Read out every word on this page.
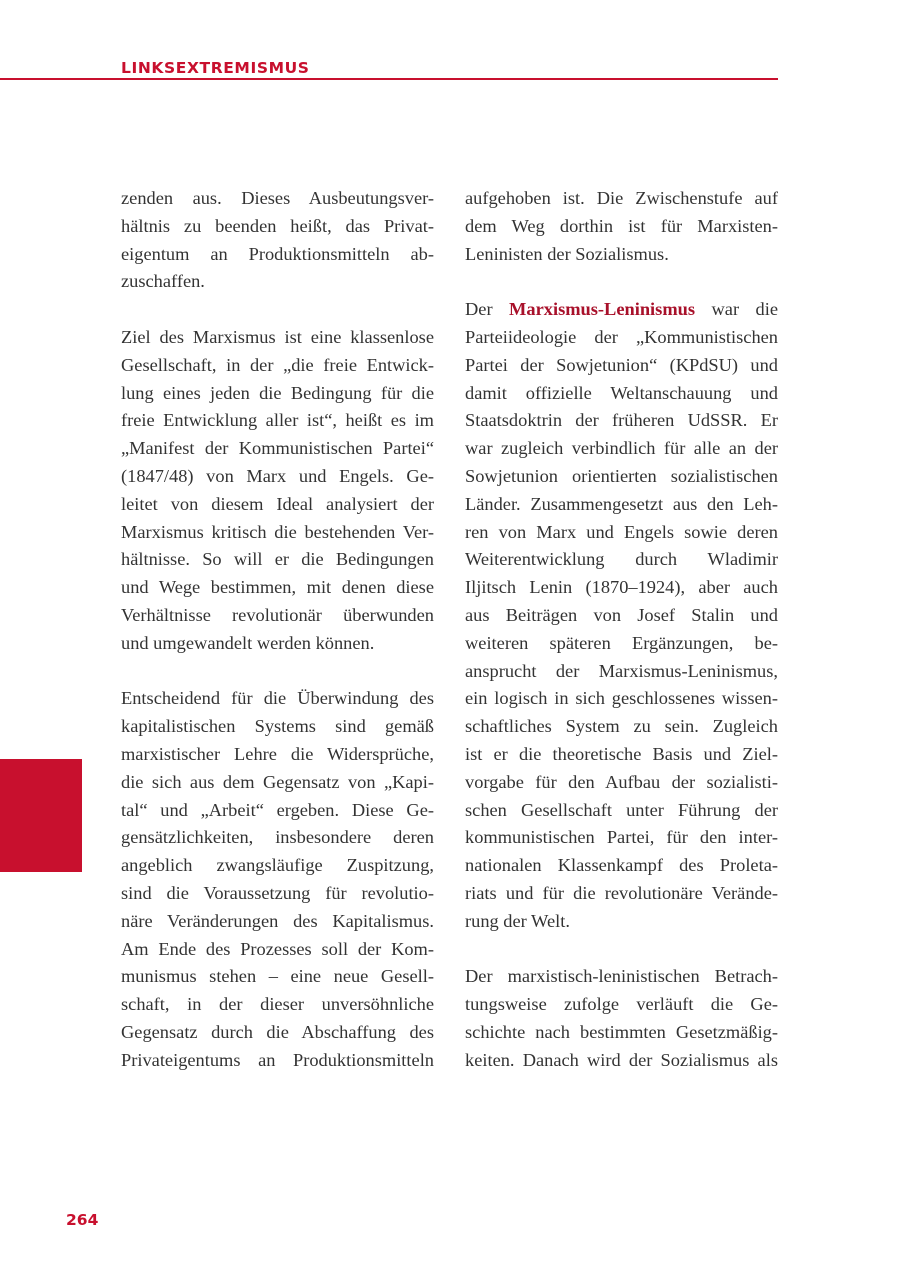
LINKSEXTREMISMUS

zenden aus. Dieses Ausbeutungsver-
hältnis zu beenden heißt, das Privat-
eigentum an Produktionsmitteln ab-
zuschaffen.

Ziel des Marxismus ist eine klassenlose
Gesellschaft, in der „die freie Entwick-
lung eines jeden die Bedingung für die
freie Entwicklung aller ist“, heißt es im
„Manifest der Kommunistischen Partei“
(1847/48) von Marx und Engels. Ge-
leitet von diesem Ideal analysiert der
Marxismus kritisch die bestehenden Ver-
hältnisse. So will er die Bedingungen
und Wege bestimmen, mit denen diese
Verhältnisse revolutionär überwunden
und umgewandelt werden können.

Entscheidend für die Überwindung des
kapitalistischen Systems sind gemäß
marxistischer Lehre die Widersprüche,
die sich aus dem Gegensatz von „Kapi-
tal“ und „Arbeit“ ergeben. Diese Ge-
gensätzlichkeiten, insbesondere deren
angeblich zwangsläufige Zuspitzung,
sind die Voraussetzung für revolutio-
näre Veränderungen des Kapitalismus.
Am Ende des Prozesses soll der Kom-
munismus stehen – eine neue Gesell-
schaft, in der dieser unversöhnliche
Gegensatz durch die Abschaffung des
Privateigentums an Produktionsmitteln

aufgehoben ist. Die Zwischenstufe auf
dem Weg dorthin ist für Marxisten-
Leninisten der Sozialismus.

Der Marxismus-Leninismus war die
Parteiideologie der „Kommunistischen
Partei der Sowjetunion“ (KPdSU) und
damit offizielle Weltanschauung und
Staatsdoktrin der früheren UdSSR. Er
war zugleich verbindlich für alle an der
Sowjetunion orientierten sozialistischen
Länder. Zusammengesetzt aus den Leh-
ren von Marx und Engels sowie deren
Weiterentwicklung durch Wladimir
Iljitsch Lenin (1870–1924), aber auch
aus Beiträgen von Josef Stalin und
weiteren späteren Ergänzungen, be-
ansprucht der Marxismus-Leninismus,
ein logisch in sich geschlossenes wissen-
schaftliches System zu sein. Zugleich
ist er die theoretische Basis und Ziel-
vorgabe für den Aufbau der sozialisti-
schen Gesellschaft unter Führung der
kommunistischen Partei, für den inter-
nationalen Klassenkampf des Proleta-
riats und für die revolutionäre Verände-
rung der Welt.

Der marxistisch-leninistischen Betrach-
tungsweise zufolge verläuft die Ge-
schichte nach bestimmten Gesetzmäßig-
keiten. Danach wird der Sozialismus als

264
